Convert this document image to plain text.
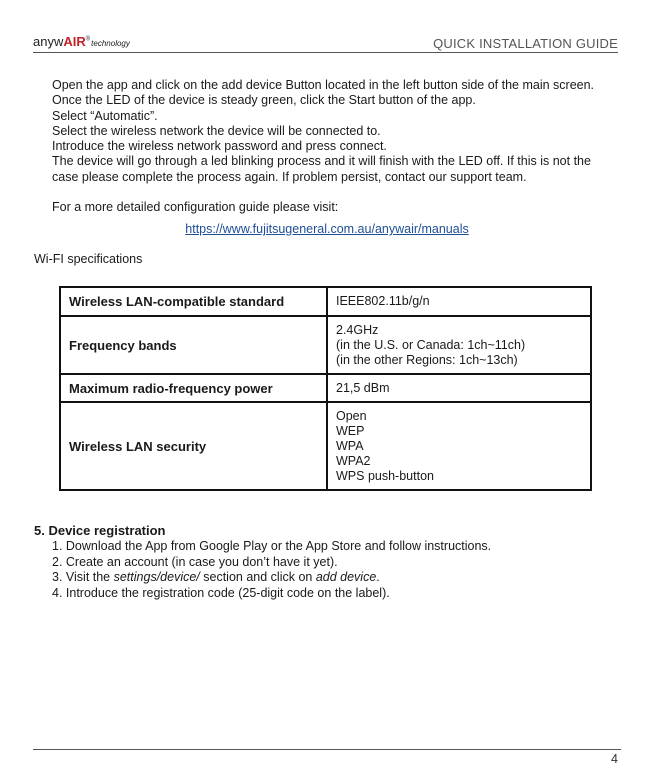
anywAIR®technology	QUICK INSTALLATION GUIDE

Open the app and click on the add device Button located in the left button side of the main screen.

Once the LED of the device is steady green, click the Start button of the app.

Select “Automatic”.

Select the wireless network the device will be connected to.

Introduce the wireless network password and press connect.

The device will go through a led blinking process and it will finish with the LED off. If this is not the case please complete the process again. If problem persist, contact our support team.

For a more detailed configuration guide please visit:
https://www.fujitsugeneral.com.au/anywair/manuals
Wi-FI specifications
Wireless LAN-compatible standard	IEEE802.11b/g/n

Frequency bands	2.4GHz
(in the U.S. or Canada: 1ch~11ch)
(in the other Regions: 1ch~13ch)

Maximum radio-frequency power	21,5 dBm

Wireless LAN security	Open
WEP
WPA
WPA2
WPS push-button
5. Device registration

1. Download the App from Google Play or the App Store and follow instructions.

2. Create an account (in case you don’t have it yet).

3. Visit the settings/device/ section and click on add device.

4. Introduce the registration code (25-digit code on the label).

4
